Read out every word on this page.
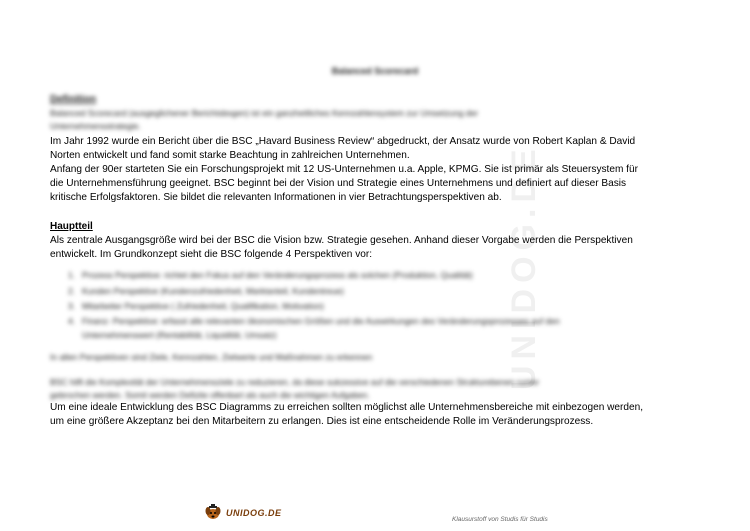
UNIDOG.DE
Balanced Scorecard
Definition
Balanced Scorecard (ausgeglichener Berichtsbogen) ist ein ganzheitliches Kennzahlensystem zur Umsetzung der
Unternehmensstrategie.
Im Jahr 1992 wurde ein Bericht über die BSC „Havard Business Review“ abgedruckt, der Ansatz wurde von Robert Kaplan & David
Norten entwickelt und fand somit starke Beachtung in zahlreichen Unternehmen.
Anfang der 90er starteten Sie ein Forschungsprojekt mit 12 US-Unternehmen u.a. Apple, KPMG. Sie ist primär als Steuersystem für
die Unternehmensführung geeignet. BSC beginnt bei der Vision und Strategie eines Unternehmens und definiert auf dieser Basis
kritische Erfolgsfaktoren. Sie bildet die relevanten Informationen in vier Betrachtungsperspektiven ab.
Hauptteil
Als zentrale Ausgangsgröße wird bei der BSC die Vision bzw. Strategie gesehen. Anhand dieser Vorgabe werden die Perspektiven
entwickelt. Im Grundkonzept sieht die BSC folgende 4 Perspektiven vor:
1. Prozess Perspektive: richtet den Fokus auf den Veränderungsprozess als solchen (Produktion, Qualität)
2. Kunden Perspektive (Kundenzufriedenheit, Marktanteil, Kundentreue)
3. Mitarbeiter Perspektive ( Zufriedenheit, Qualifikation, Motivation)
4. Finanz- Perspektive: erfasst alle relevanten ökonomischen Größen und die Auswirkungen des Veränderungsprozesses auf den
Unternehmenswert (Rentabilität, Liquidität, Umsatz)
In allen Perspektiven sind Ziele, Kennzahlen, Zielwerte und Maßnahmen zu erkennen
BSC hilft die Komplexität der Unternehmensziele zu reduzieren, da diese sukzessive auf die verschiedenen Strukturebenen runter
gebrochen werden. Somit werden Defizite offenbart als auch die wichtigen Aufgaben.
Um eine ideale Entwicklung des BSC Diagramms zu erreichen sollten möglichst alle Unternehmensbereiche mit einbezogen werden,
um eine größere Akzeptanz bei den Mitarbeitern zu erlangen. Dies ist eine entscheidende Rolle im Veränderungsprozess.
UNIDOG.DE
Klausurstoff von Studis für Studis
